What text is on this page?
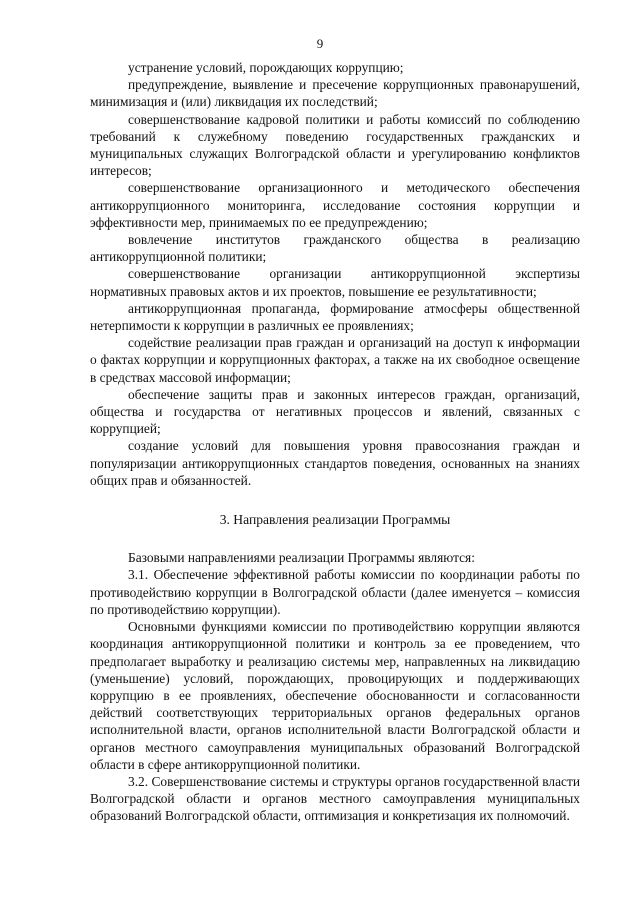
9

устранение условий, порождающих коррупцию;

предупреждение, выявление и пресечение коррупционных правонарушений, минимизация и (или) ликвидация их последствий;

совершенствование кадровой политики и работы комиссий по соблюдению требований к служебному поведению государственных гражданских и муниципальных служащих Волгоградской области и урегулированию конфликтов интересов;

совершенствование организационного и методического обеспечения антикоррупционного мониторинга, исследование состояния коррупции и эффективности мер, принимаемых по ее предупреждению;

вовлечение институтов гражданского общества в реализацию антикоррупционной политики;

совершенствование организации антикоррупционной экспертизы нормативных правовых актов и их проектов, повышение ее результативности;

антикоррупционная пропаганда, формирование атмосферы общественной нетерпимости к коррупции в различных ее проявлениях;

содействие реализации прав граждан и организаций на доступ к информации о фактах коррупции и коррупционных факторах, а также на их свободное освещение в средствах массовой информации;

обеспечение защиты прав и законных интересов граждан, организаций, общества и государства от негативных процессов и явлений, связанных с коррупцией;

создание условий для повышения уровня правосознания граждан и популяризации антикоррупционных стандартов поведения, основанных на знаниях общих прав и обязанностей.

3. Направления реализации Программы

Базовыми направлениями реализации Программы являются:

3.1. Обеспечение эффективной работы комиссии по координации работы по противодействию коррупции в Волгоградской области (далее именуется – комиссия по противодействию коррупции).

Основными функциями комиссии по противодействию коррупции являются координация антикоррупционной политики и контроль за ее проведением, что предполагает выработку и реализацию системы мер, направленных на ликвидацию (уменьшение) условий, порождающих, провоцирующих и поддерживающих коррупцию в ее проявлениях, обеспечение обоснованности и согласованности действий соответствующих территориальных органов федеральных органов исполнительной власти, органов исполнительной власти Волгоградской области и органов местного самоуправления муниципальных образований Волгоградской области в сфере антикоррупционной политики.

3.2. Совершенствование системы и структуры органов государственной власти Волгоградской области и органов местного самоуправления муниципальных образований Волгоградской области, оптимизация и конкретизация их полномочий.
